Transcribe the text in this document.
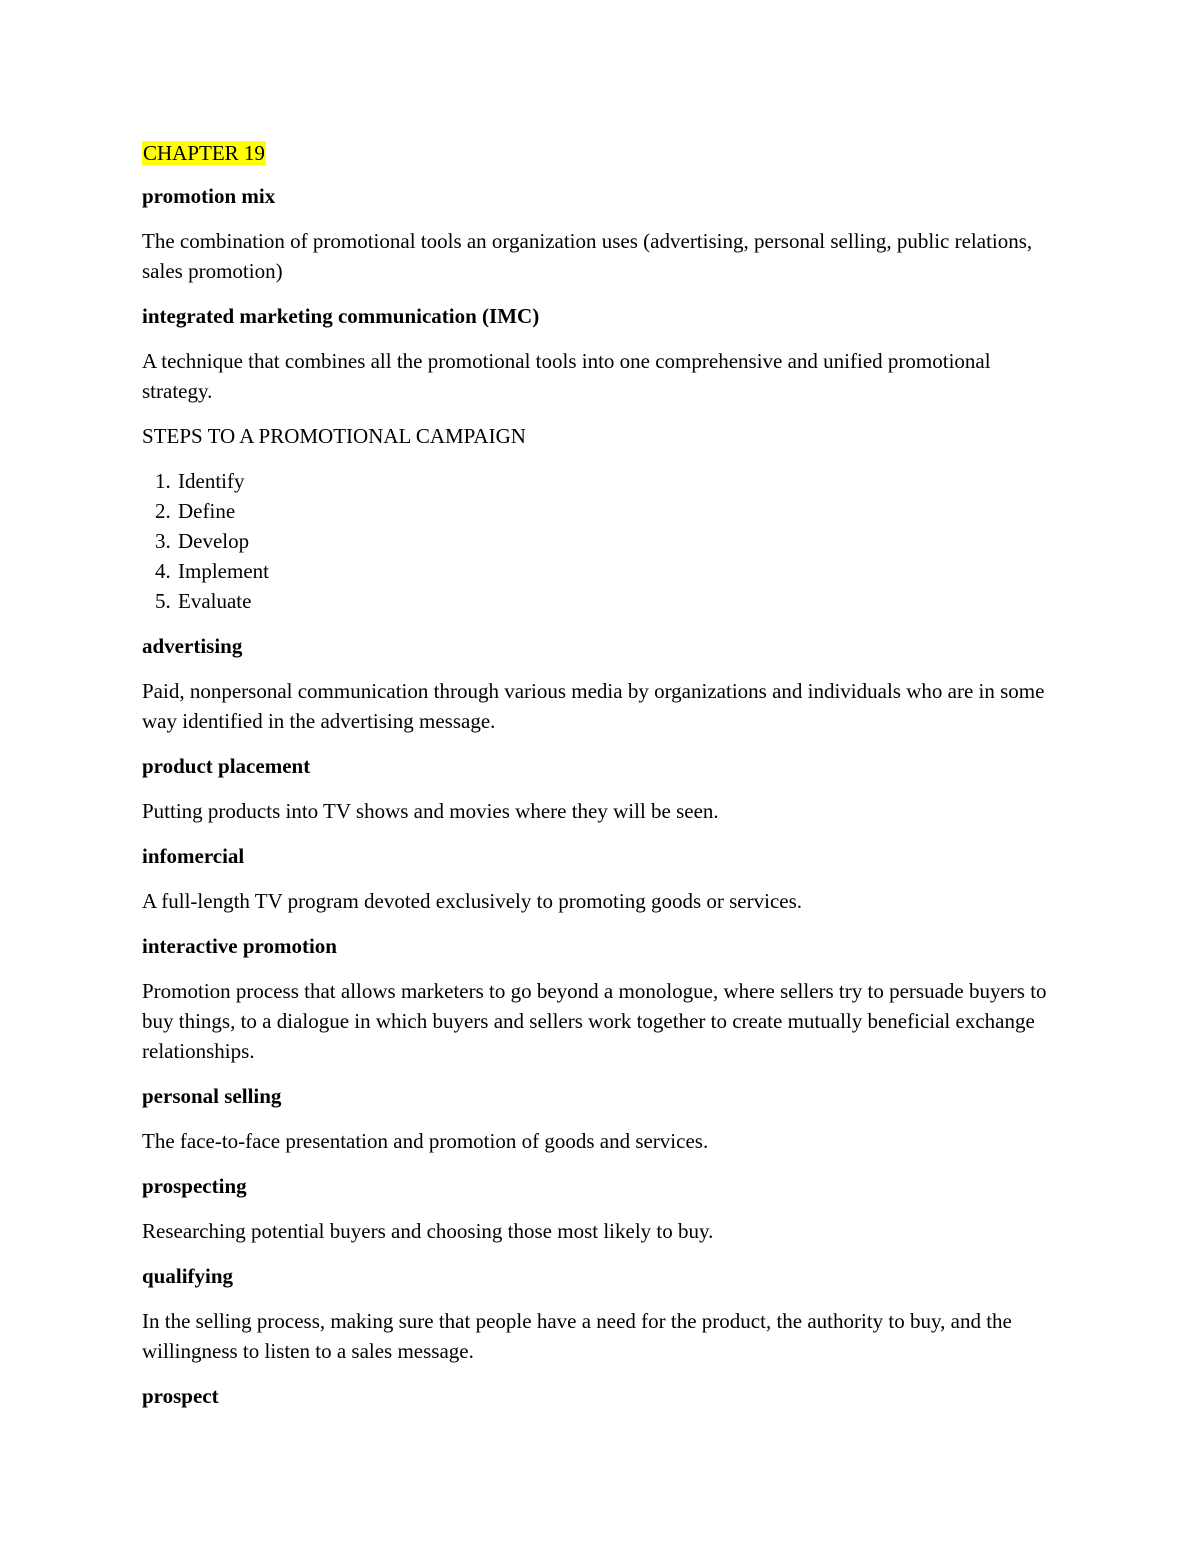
CHAPTER 19

promotion mix

The combination of promotional tools an organization uses (advertising, personal selling, public relations, sales promotion)

integrated marketing communication (IMC)

A technique that combines all the promotional tools into one comprehensive and unified promotional strategy.

STEPS TO A PROMOTIONAL CAMPAIGN

1. Identify
2. Define
3. Develop
4. Implement
5. Evaluate

advertising

Paid, nonpersonal communication through various media by organizations and individuals who are in some way identified in the advertising message.

product placement

Putting products into TV shows and movies where they will be seen.

infomercial

A full-length TV program devoted exclusively to promoting goods or services.

interactive promotion

Promotion process that allows marketers to go beyond a monologue, where sellers try to persuade buyers to buy things, to a dialogue in which buyers and sellers work together to create mutually beneficial exchange relationships.

personal selling

The face-to-face presentation and promotion of goods and services.

prospecting

Researching potential buyers and choosing those most likely to buy.

qualifying

In the selling process, making sure that people have a need for the product, the authority to buy, and the willingness to listen to a sales message.

prospect
